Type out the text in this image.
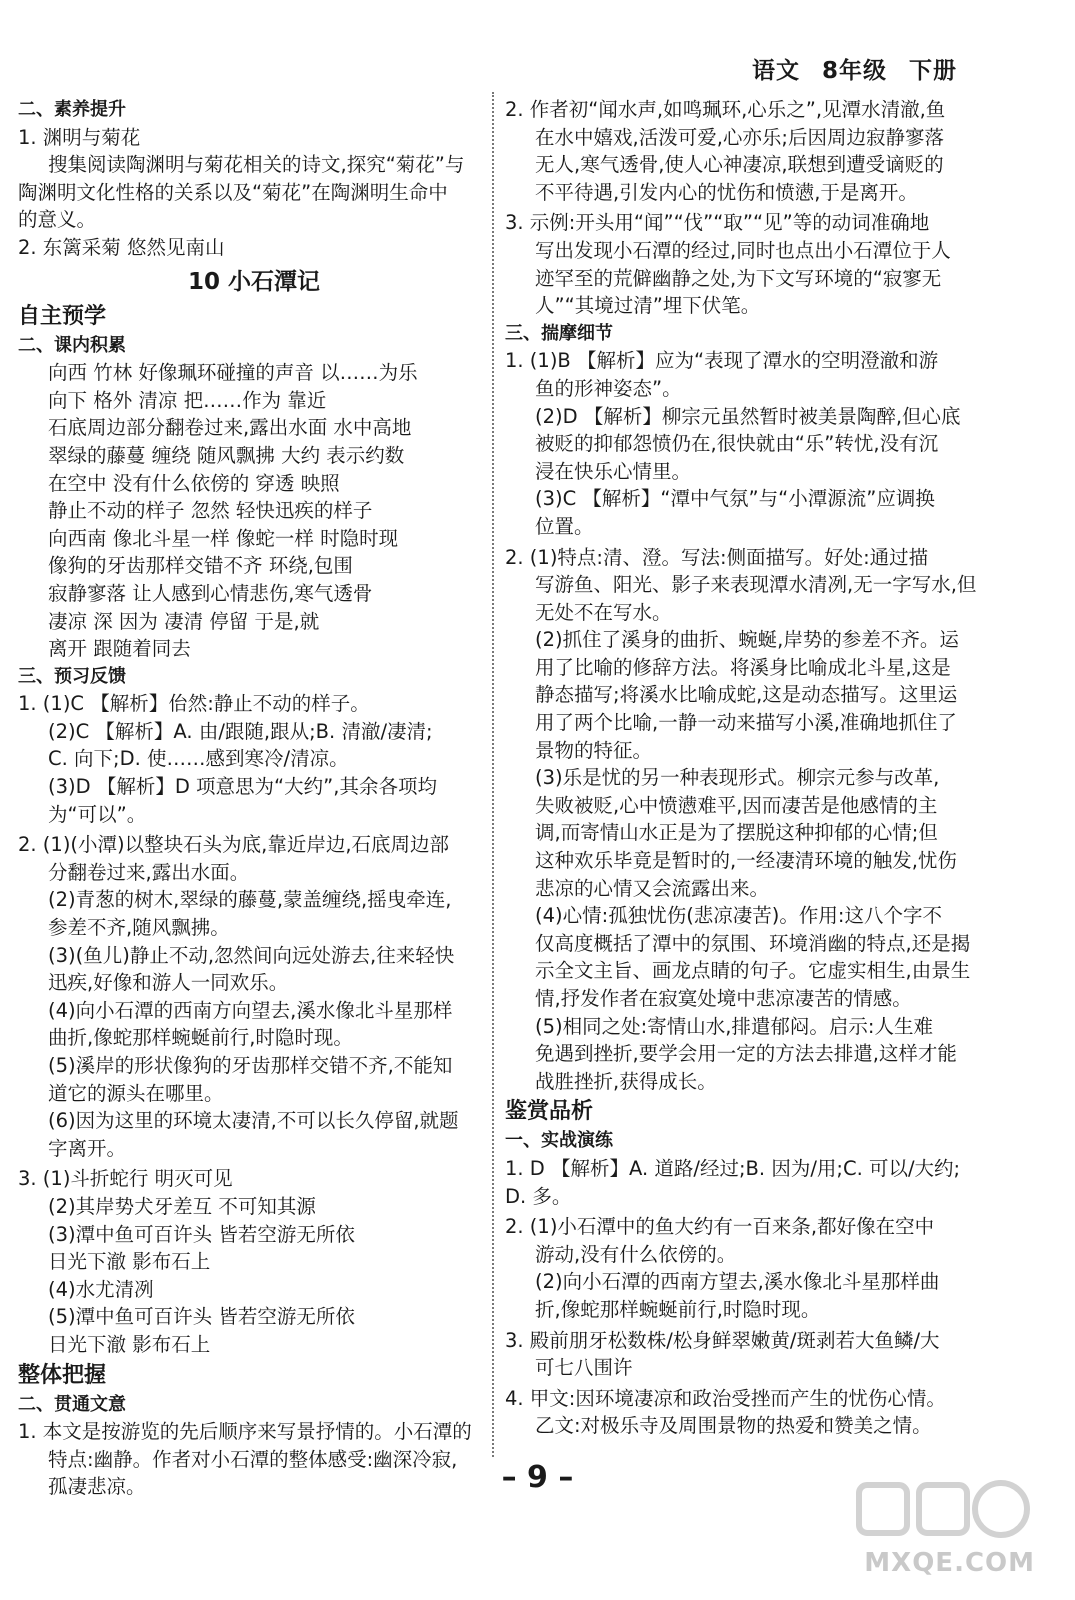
语文 8年级 下册
二、素养提升
1. 渊明与菊花
搜集阅读陶渊明与菊花相关的诗文,探究“菊花”与
陶渊明文化性格的关系以及“菊花”在陶渊明生命中
的意义。
2. 东篱采菊 悠然见南山
10 小石潭记
自主预学
二、课内积累
向西 竹林 好像珮环碰撞的声音 以……为乐
向下 格外 清凉 把……作为 靠近
石底周边部分翻卷过来,露出水面 水中高地
翠绿的藤蔓 缠绕 随风飘拂 大约 表示约数
在空中 没有什么依傍的 穿透 映照
静止不动的样子 忽然 轻快迅疾的样子
向西南 像北斗星一样 像蛇一样 时隐时现
像狗的牙齿那样交错不齐 环绕,包围
寂静寥落 让人感到心情悲伤,寒气透骨
凄凉 深 因为 凄清 停留 于是,就
离开 跟随着同去
三、预习反馈
1. (1)C 【解析】佁然:静止不动的样子。
(2)C 【解析】A. 由/跟随,跟从;B. 清澈/凄清;
C. 向下;D. 使……感到寒冷/清凉。
(3)D 【解析】D 项意思为“大约”,其余各项均
为“可以”。
2. (1)(小潭)以整块石头为底,靠近岸边,石底周边部
分翻卷过来,露出水面。
(2)青葱的树木,翠绿的藤蔓,蒙盖缠绕,摇曳牵连,
参差不齐,随风飘拂。
(3)(鱼儿)静止不动,忽然间向远处游去,往来轻快
迅疾,好像和游人一同欢乐。
(4)向小石潭的西南方向望去,溪水像北斗星那样
曲折,像蛇那样蜿蜒前行,时隐时现。
(5)溪岸的形状像狗的牙齿那样交错不齐,不能知
道它的源头在哪里。
(6)因为这里的环境太凄清,不可以长久停留,就题
字离开。
3. (1)斗折蛇行 明灭可见
(2)其岸势犬牙差互 不可知其源
(3)潭中鱼可百许头 皆若空游无所依
日光下澈 影布石上
(4)水尤清冽
(5)潭中鱼可百许头 皆若空游无所依
日光下澈 影布石上
整体把握
二、贯通文意
1. 本文是按游览的先后顺序来写景抒情的。小石潭的
特点:幽静。作者对小石潭的整体感受:幽深冷寂,
孤凄悲凉。
2. 作者初“闻水声,如鸣珮环,心乐之”,见潭水清澈,鱼
在水中嬉戏,活泼可爱,心亦乐;后因周边寂静寥落
无人,寒气透骨,使人心神凄凉,联想到遭受谪贬的
不平待遇,引发内心的忧伤和愤懑,于是离开。
3. 示例:开头用“闻”“伐”“取”“见”等的动词准确地
写出发现小石潭的经过,同时也点出小石潭位于人
迹罕至的荒僻幽静之处,为下文写环境的“寂寥无
人”“其境过清”埋下伏笔。
三、揣摩细节
1. (1)B 【解析】应为“表现了潭水的空明澄澈和游
鱼的形神姿态”。
(2)D 【解析】柳宗元虽然暂时被美景陶醉,但心底
被贬的抑郁怨愤仍在,很快就由“乐”转忧,没有沉
浸在快乐心情里。
(3)C 【解析】“潭中气氛”与“小潭源流”应调换
位置。
2. (1)特点:清、澄。写法:侧面描写。好处:通过描
写游鱼、阳光、影子来表现潭水清冽,无一字写水,但
无处不在写水。
(2)抓住了溪身的曲折、蜿蜒,岸势的参差不齐。运
用了比喻的修辞方法。将溪身比喻成北斗星,这是
静态描写;将溪水比喻成蛇,这是动态描写。这里运
用了两个比喻,一静一动来描写小溪,准确地抓住了
景物的特征。
(3)乐是忧的另一种表现形式。柳宗元参与改革,
失败被贬,心中愤懑难平,因而凄苦是他感情的主
调,而寄情山水正是为了摆脱这种抑郁的心情;但
这种欢乐毕竟是暂时的,一经凄清环境的触发,忧伤
悲凉的心情又会流露出来。
(4)心情:孤独忧伤(悲凉凄苦)。作用:这八个字不
仅高度概括了潭中的氛围、环境消幽的特点,还是揭
示全文主旨、画龙点睛的句子。它虚实相生,由景生
情,抒发作者在寂寞处境中悲凉凄苦的情感。
(5)相同之处:寄情山水,排遣郁闷。启示:人生难
免遇到挫折,要学会用一定的方法去排遣,这样才能
战胜挫折,获得成长。
鉴赏品析
一、实战演练
1. D 【解析】A. 道路/经过;B. 因为/用;C. 可以/大约;
D. 多。
2. (1)小石潭中的鱼大约有一百来条,都好像在空中
游动,没有什么依傍的。
(2)向小石潭的西南方望去,溪水像北斗星那样曲
折,像蛇那样蜿蜒前行,时隐时现。
3. 殿前朋牙松数株/松身鲜翠嫩黄/斑剥若大鱼鳞/大
可七八围许
4. 甲文:因环境凄凉和政治受挫而产生的忧伤心情。
乙文:对极乐寺及周围景物的热爱和赞美之情。
– 9 –
MXQE.COM
